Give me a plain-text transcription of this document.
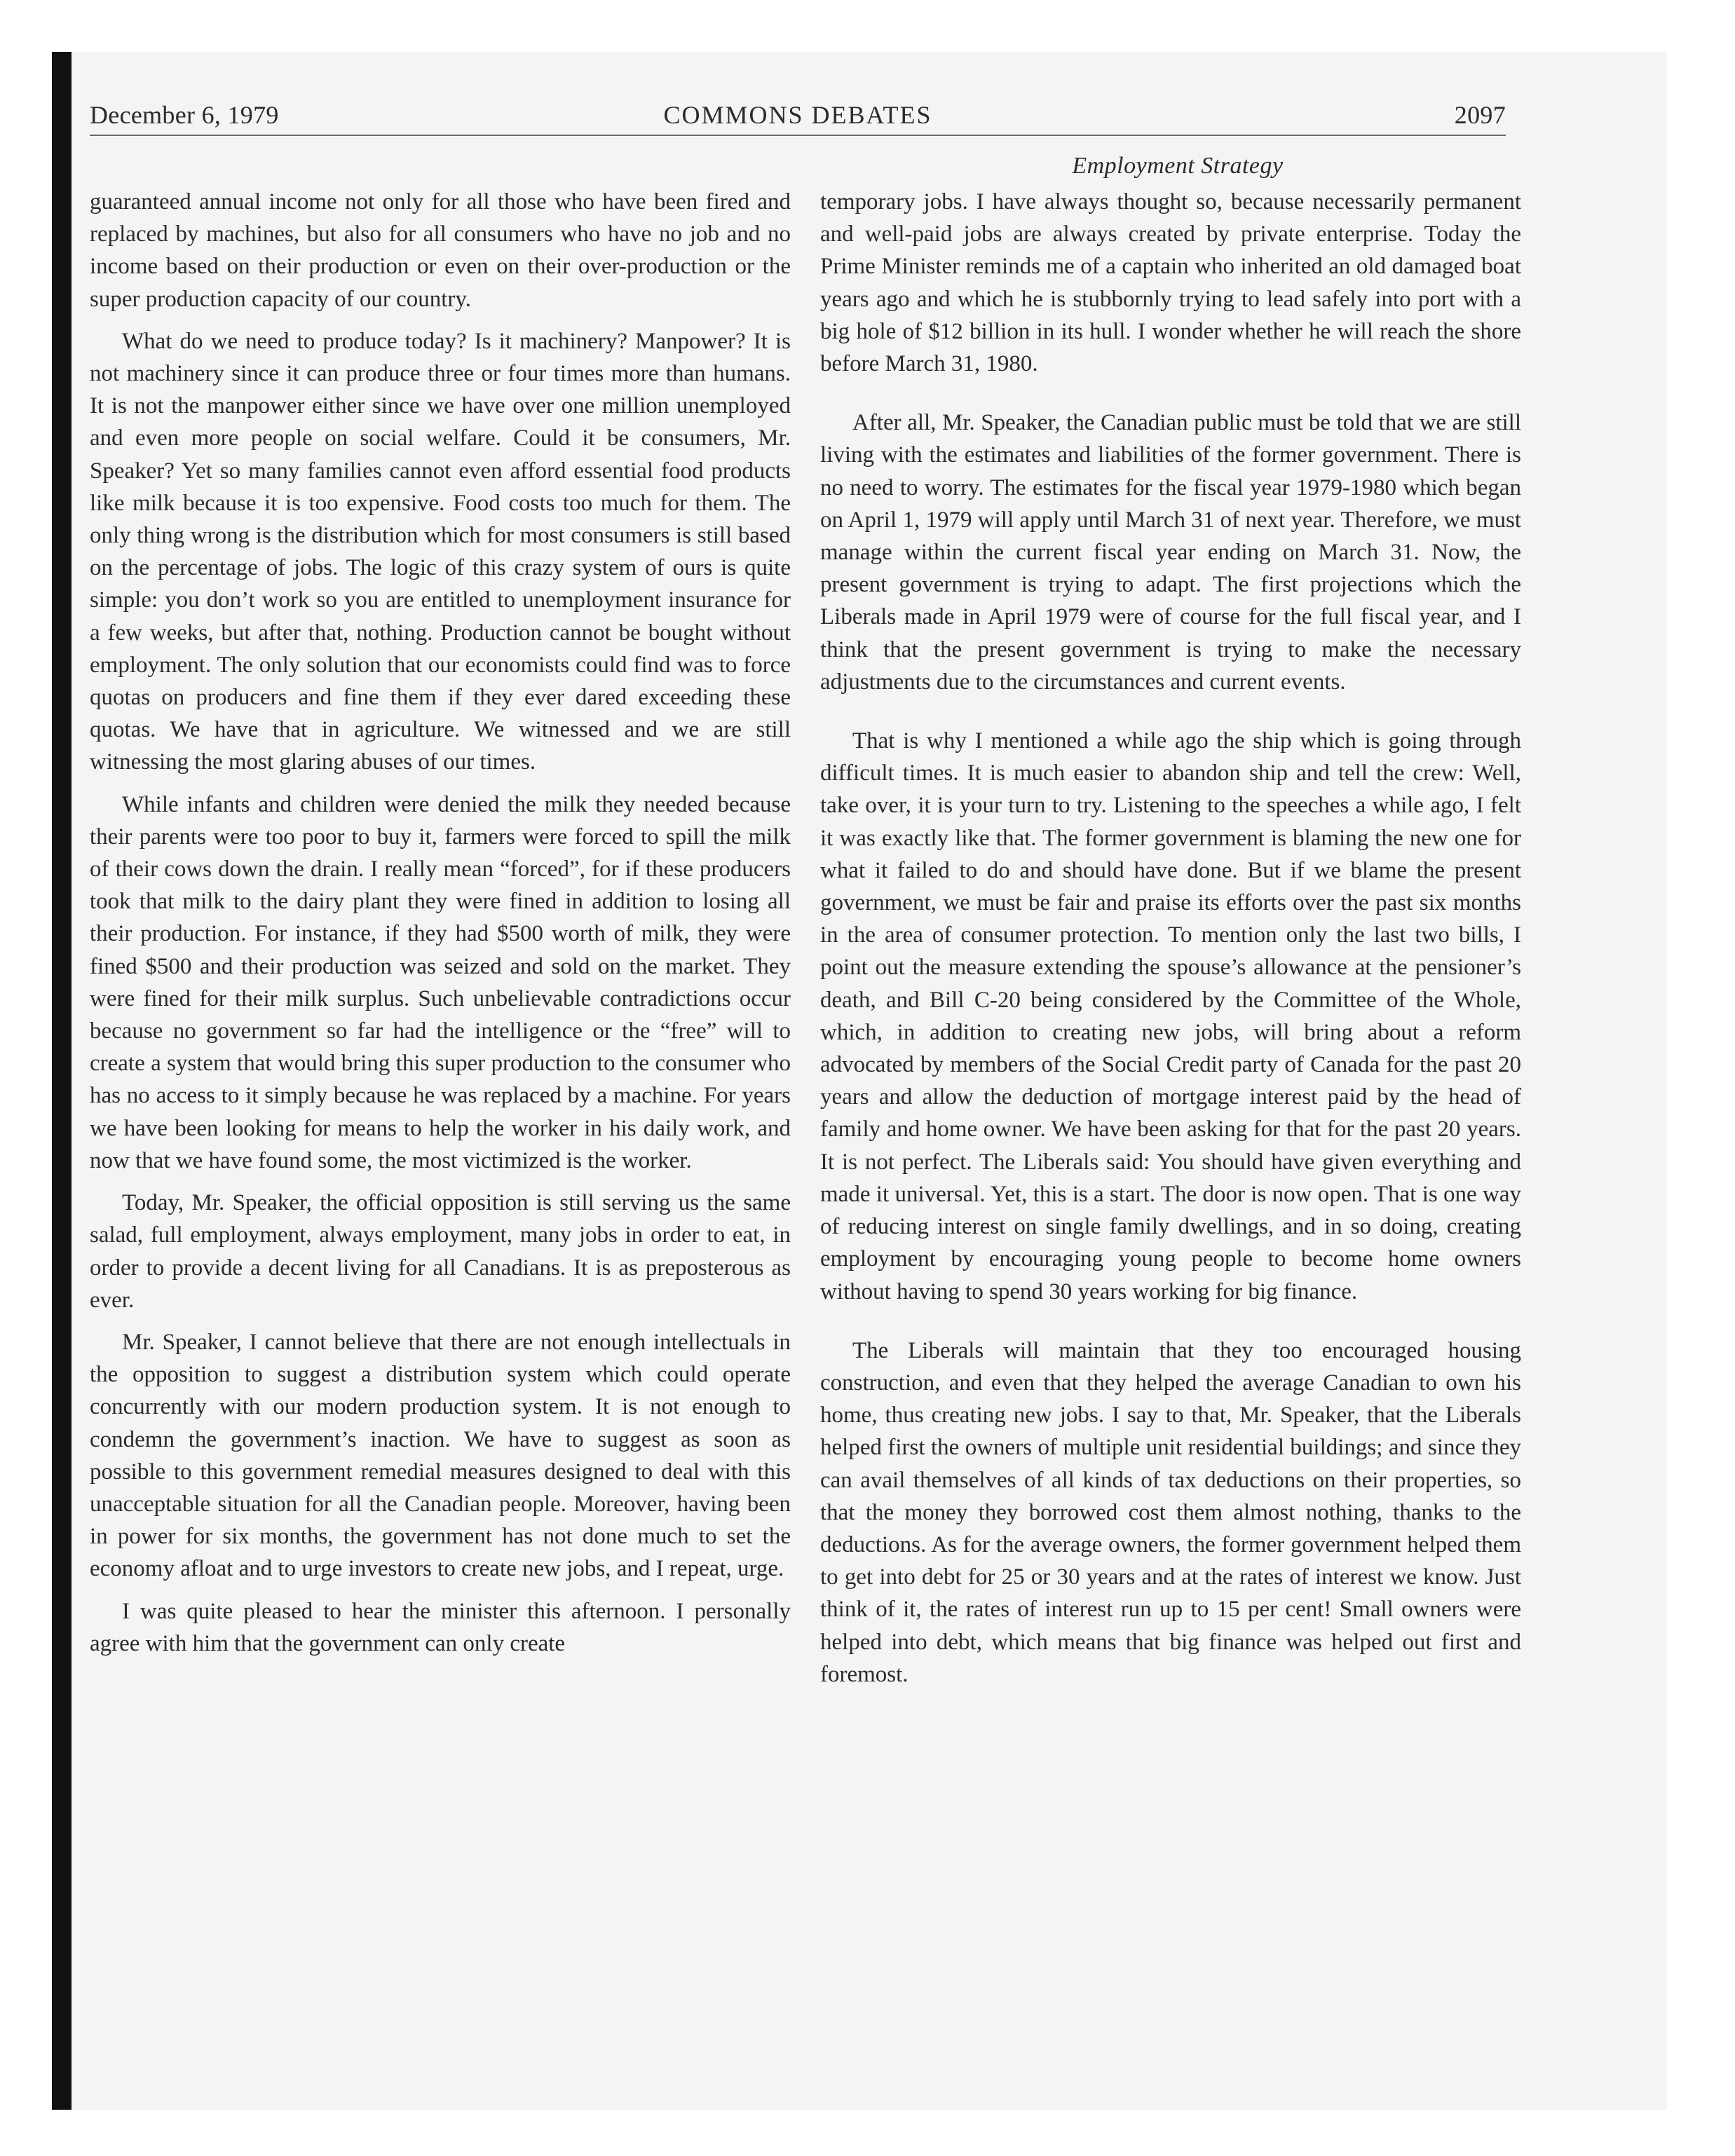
December 6, 1979	COMMONS DEBATES	2097
Employment Strategy

guaranteed annual income not only for all those who have been fired and replaced by machines, but also for all consumers who have no job and no income based on their production or even on their over-production or the super production capacity of our country.

What do we need to produce today? Is it machinery? Manpower? It is not machinery since it can produce three or four times more than humans. It is not the manpower either since we have over one million unemployed and even more people on social welfare. Could it be consumers, Mr. Speaker? Yet so many families cannot even afford essential food products like milk because it is too expensive. Food costs too much for them. The only thing wrong is the distribution which for most consumers is still based on the percentage of jobs. The logic of this crazy system of ours is quite simple: you don’t work so you are entitled to unemployment insurance for a few weeks, but after that, nothing. Production cannot be bought without employment. The only solution that our economists could find was to force quotas on producers and fine them if they ever dared exceeding these quotas. We have that in agriculture. We witnessed and we are still witnessing the most glaring abuses of our times.

While infants and children were denied the milk they needed because their parents were too poor to buy it, farmers were forced to spill the milk of their cows down the drain. I really mean “forced”, for if these producers took that milk to the dairy plant they were fined in addition to losing all their production. For instance, if they had $500 worth of milk, they were fined $500 and their production was seized and sold on the market. They were fined for their milk surplus. Such unbelievable contradictions occur because no government so far had the intelligence or the “free” will to create a system that would bring this super production to the consumer who has no access to it simply because he was replaced by a machine. For years we have been looking for means to help the worker in his daily work, and now that we have found some, the most victimized is the worker.

Today, Mr. Speaker, the official opposition is still serving us the same salad, full employment, always employment, many jobs in order to eat, in order to provide a decent living for all Canadians. It is as preposterous as ever.

Mr. Speaker, I cannot believe that there are not enough intellectuals in the opposition to suggest a distribution system which could operate concurrently with our modern production system. It is not enough to condemn the government’s inaction. We have to suggest as soon as possible to this government remedial measures designed to deal with this unacceptable situation for all the Canadian people. Moreover, having been in power for six months, the government has not done much to set the economy afloat and to urge investors to create new jobs, and I repeat, urge.

I was quite pleased to hear the minister this afternoon. I personally agree with him that the government can only create

temporary jobs. I have always thought so, because necessarily permanent and well-paid jobs are always created by private enterprise. Today the Prime Minister reminds me of a captain who inherited an old damaged boat years ago and which he is stubbornly trying to lead safely into port with a big hole of $12 billion in its hull. I wonder whether he will reach the shore before March 31, 1980.

After all, Mr. Speaker, the Canadian public must be told that we are still living with the estimates and liabilities of the former government. There is no need to worry. The estimates for the fiscal year 1979-1980 which began on April 1, 1979 will apply until March 31 of next year. Therefore, we must manage within the current fiscal year ending on March 31. Now, the present government is trying to adapt. The first projections which the Liberals made in April 1979 were of course for the full fiscal year, and I think that the present government is trying to make the necessary adjustments due to the circumstances and current events.

That is why I mentioned a while ago the ship which is going through difficult times. It is much easier to abandon ship and tell the crew: Well, take over, it is your turn to try. Listening to the speeches a while ago, I felt it was exactly like that. The former government is blaming the new one for what it failed to do and should have done. But if we blame the present government, we must be fair and praise its efforts over the past six months in the area of consumer protection. To mention only the last two bills, I point out the measure extending the spouse’s allowance at the pensioner’s death, and Bill C-20 being considered by the Committee of the Whole, which, in addition to creating new jobs, will bring about a reform advocated by members of the Social Credit party of Canada for the past 20 years and allow the deduction of mortgage interest paid by the head of family and home owner. We have been asking for that for the past 20 years. It is not perfect. The Liberals said: You should have given everything and made it universal. Yet, this is a start. The door is now open. That is one way of reducing interest on single family dwellings, and in so doing, creating employment by encouraging young people to become home owners without having to spend 30 years working for big finance.

The Liberals will maintain that they too encouraged housing construction, and even that they helped the average Canadian to own his home, thus creating new jobs. I say to that, Mr. Speaker, that the Liberals helped first the owners of multiple unit residential buildings; and since they can avail themselves of all kinds of tax deductions on their properties, so that the money they borrowed cost them almost nothing, thanks to the deductions. As for the average owners, the former government helped them to get into debt for 25 or 30 years and at the rates of interest we know. Just think of it, the rates of interest run up to 15 per cent! Small owners were helped into debt, which means that big finance was helped out first and foremost.
